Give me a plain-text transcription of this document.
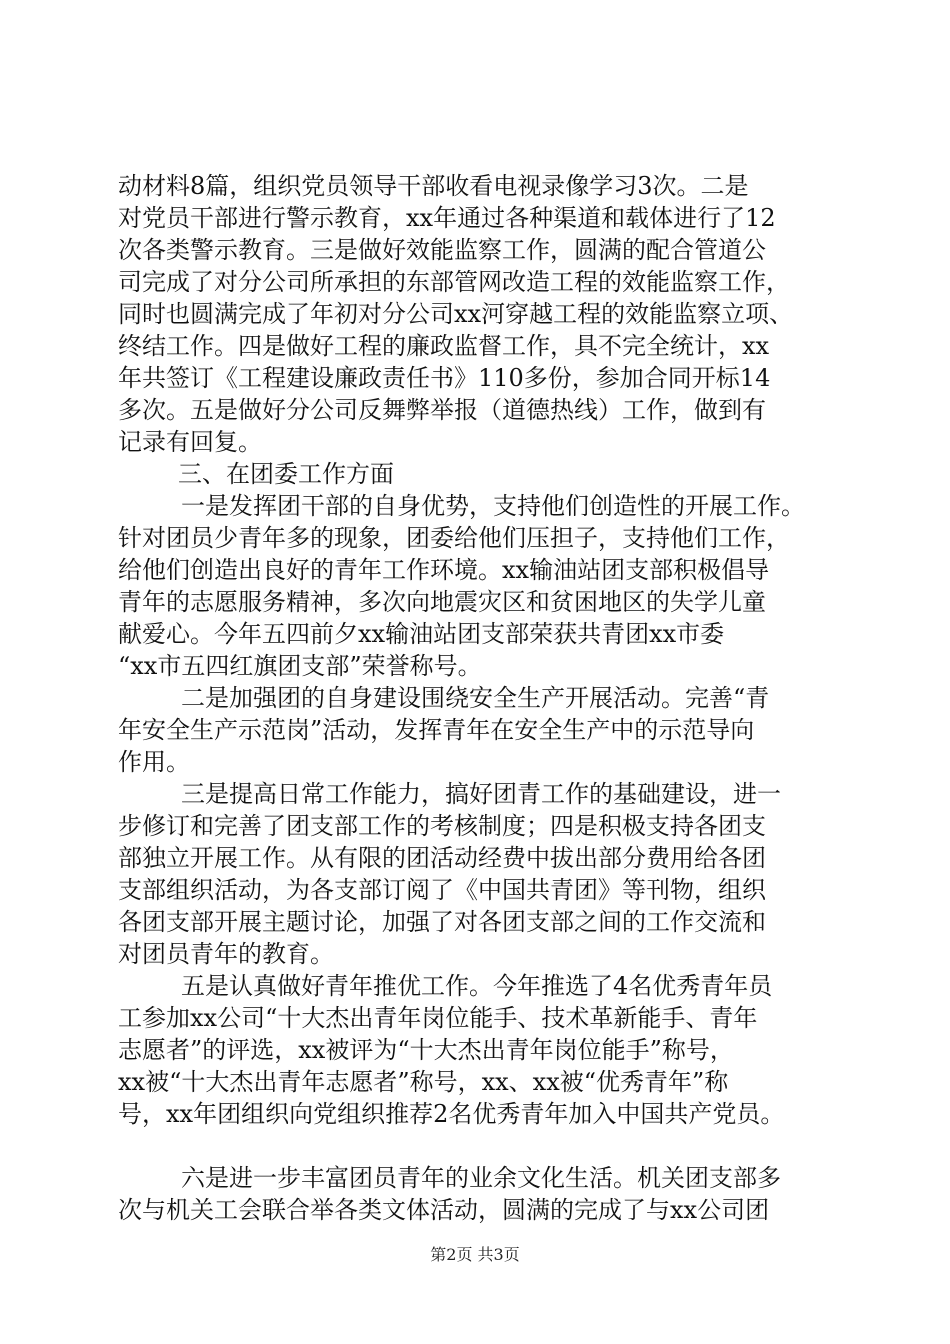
动材料8篇，组织党员领导干部收看电视录像学习3次。二是
对党员干部进行警示教育，xx年通过各种渠道和载体进行了12
次各类警示教育。三是做好效能监察工作，圆满的配合管道公
司完成了对分公司所承担的东部管网改造工程的效能监察工作，
同时也圆满完成了年初对分公司xx河穿越工程的效能监察立项、
终结工作。四是做好工程的廉政监督工作，具不完全统计，xx
年共签订《工程建设廉政责任书》110多份，参加合同开标14
多次。五是做好分公司反舞弊举报（道德热线）工作，做到有
记录有回复。
三、在团委工作方面
一是发挥团干部的自身优势，支持他们创造性的开展工作。
针对团员少青年多的现象，团委给他们压担子，支持他们工作，
给他们创造出良好的青年工作环境。xx输油站团支部积极倡导
青年的志愿服务精神，多次向地震灾区和贫困地区的失学儿童
献爱心。今年五四前夕xx输油站团支部荣获共青团xx市委
“xx市五四红旗团支部”荣誉称号。
二是加强团的自身建设围绕安全生产开展活动。完善“青
年安全生产示范岗”活动，发挥青年在安全生产中的示范导向
作用。
三是提高日常工作能力，搞好团青工作的基础建设，进一
步修订和完善了团支部工作的考核制度；四是积极支持各团支
部独立开展工作。从有限的团活动经费中拔出部分费用给各团
支部组织活动，为各支部订阅了《中国共青团》等刊物，组织
各团支部开展主题讨论，加强了对各团支部之间的工作交流和
对团员青年的教育。
五是认真做好青年推优工作。今年推选了4名优秀青年员
工参加xx公司“十大杰出青年岗位能手、技术革新能手、青年
志愿者”的评选，xx被评为“十大杰出青年岗位能手”称号，
xx被“十大杰出青年志愿者”称号，xx、xx被“优秀青年”称
号，xx年团组织向党组织推荐2名优秀青年加入中国共产党员。
六是进一步丰富团员青年的业余文化生活。机关团支部多
次与机关工会联合举各类文体活动，圆满的完成了与xx公司团
第2页 共3页
